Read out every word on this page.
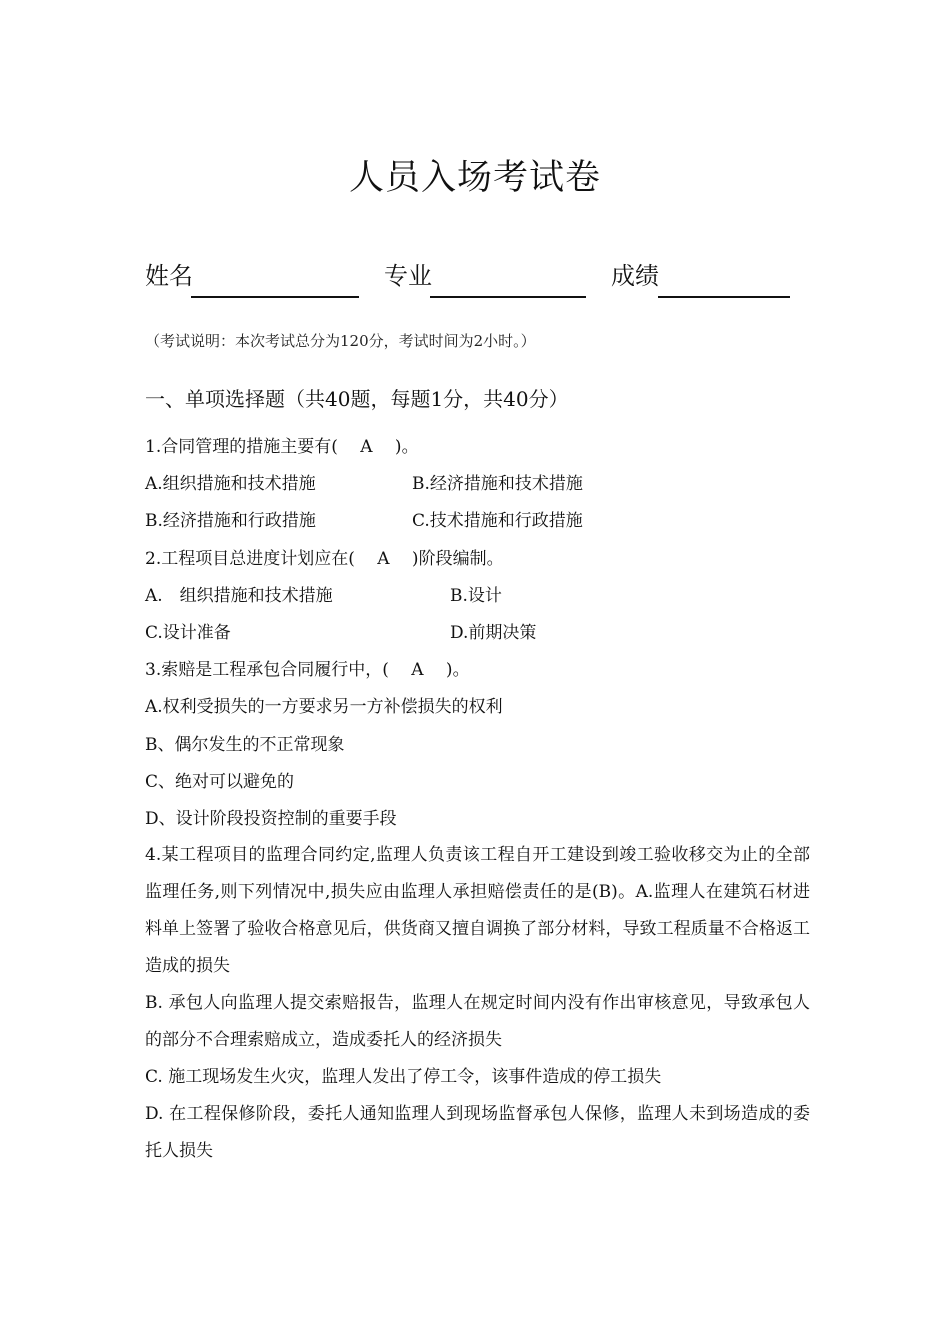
人员入场考试卷
姓名	专业	成绩
（考试说明：本次考试总分为120分，考试时间为2小时。）
一、单项选择题（共40题，每题1分，共40分）
1.合同管理的措施主要有(　 A　 )。
A.组织措施和技术措施	B.经济措施和技术措施
B.经济措施和行政措施	C.技术措施和行政措施
2.工程项目总进度计划应在(　 A　 )阶段编制。
A.　组织措施和技术措施	B.设计
C.设计准备	D.前期决策
3.索赔是工程承包合同履行中，(　 A　 )。
A.权利受损失的一方要求另一方补偿损失的权利
B、偶尔发生的不正常现象
C、绝对可以避免的
D、设计阶段投资控制的重要手段
4.某工程项目的监理合同约定,监理人负责该工程自开工建设到竣工验收移交为止的全部监理任务,则下列情况中,损失应由监理人承担赔偿责任的是(B)。A.监理人在建筑石材进料单上签署了验收合格意见后，供货商又擅自调换了部分材料，导致工程质量不合格返工造成的损失
B. 承包人向监理人提交索赔报告，监理人在规定时间内没有作出审核意见，导致承包人的部分不合理索赔成立，造成委托人的经济损失
C. 施工现场发生火灾，监理人发出了停工令，该事件造成的停工损失
D. 在工程保修阶段，委托人通知监理人到现场监督承包人保修，监理人未到场造成的委托人损失
